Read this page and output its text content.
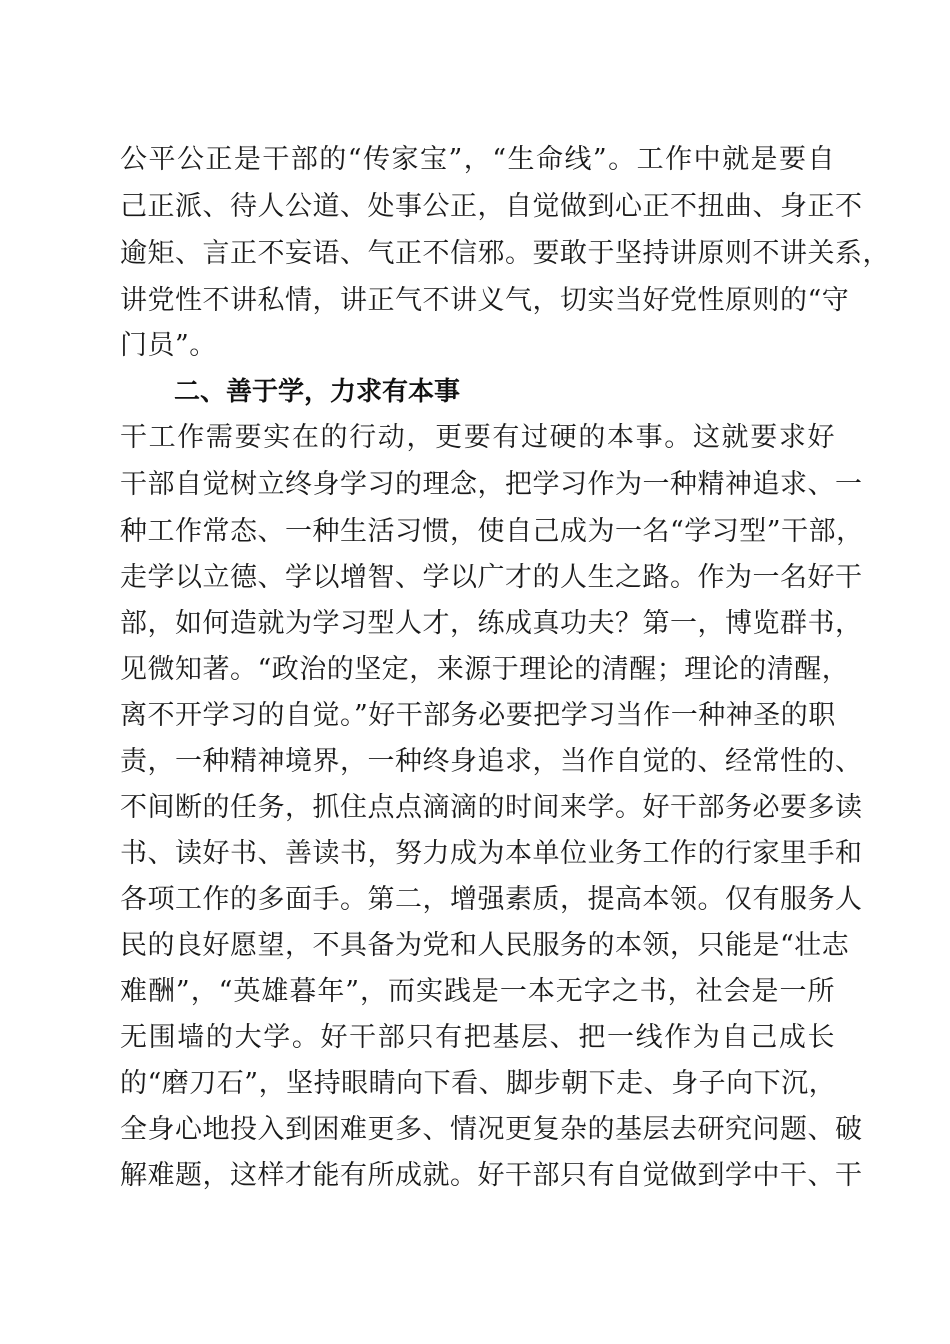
公平公正是干部的“传家宝”，“生命线”。工作中就是要自
己正派、待人公道、处事公正，自觉做到心正不扭曲、身正不
逾矩、言正不妄语、气正不信邪。要敢于坚持讲原则不讲关系，
讲党性不讲私情，讲正气不讲义气，切实当好党性原则的“守
门员”。
二、善于学，力求有本事
干工作需要实在的行动，更要有过硬的本事。这就要求好
干部自觉树立终身学习的理念，把学习作为一种精神追求、一
种工作常态、一种生活习惯，使自己成为一名“学习型”干部，
走学以立德、学以增智、学以广才的人生之路。作为一名好干
部，如何造就为学习型人才，练成真功夫？第一，博览群书，
见微知著。“政治的坚定，来源于理论的清醒；理论的清醒，
离不开学习的自觉。”好干部务必要把学习当作一种神圣的职
责，一种精神境界，一种终身追求，当作自觉的、经常性的、
不间断的任务，抓住点点滴滴的时间来学。好干部务必要多读
书、读好书、善读书，努力成为本单位业务工作的行家里手和
各项工作的多面手。第二，增强素质，提高本领。仅有服务人
民的良好愿望，不具备为党和人民服务的本领，只能是“壮志
难酬”，“英雄暮年”，而实践是一本无字之书，社会是一所
无围墙的大学。好干部只有把基层、把一线作为自己成长
的“磨刀石”，坚持眼睛向下看、脚步朝下走、身子向下沉，
全身心地投入到困难更多、情况更复杂的基层去研究问题、破
解难题，这样才能有所成就。好干部只有自觉做到学中干、干
